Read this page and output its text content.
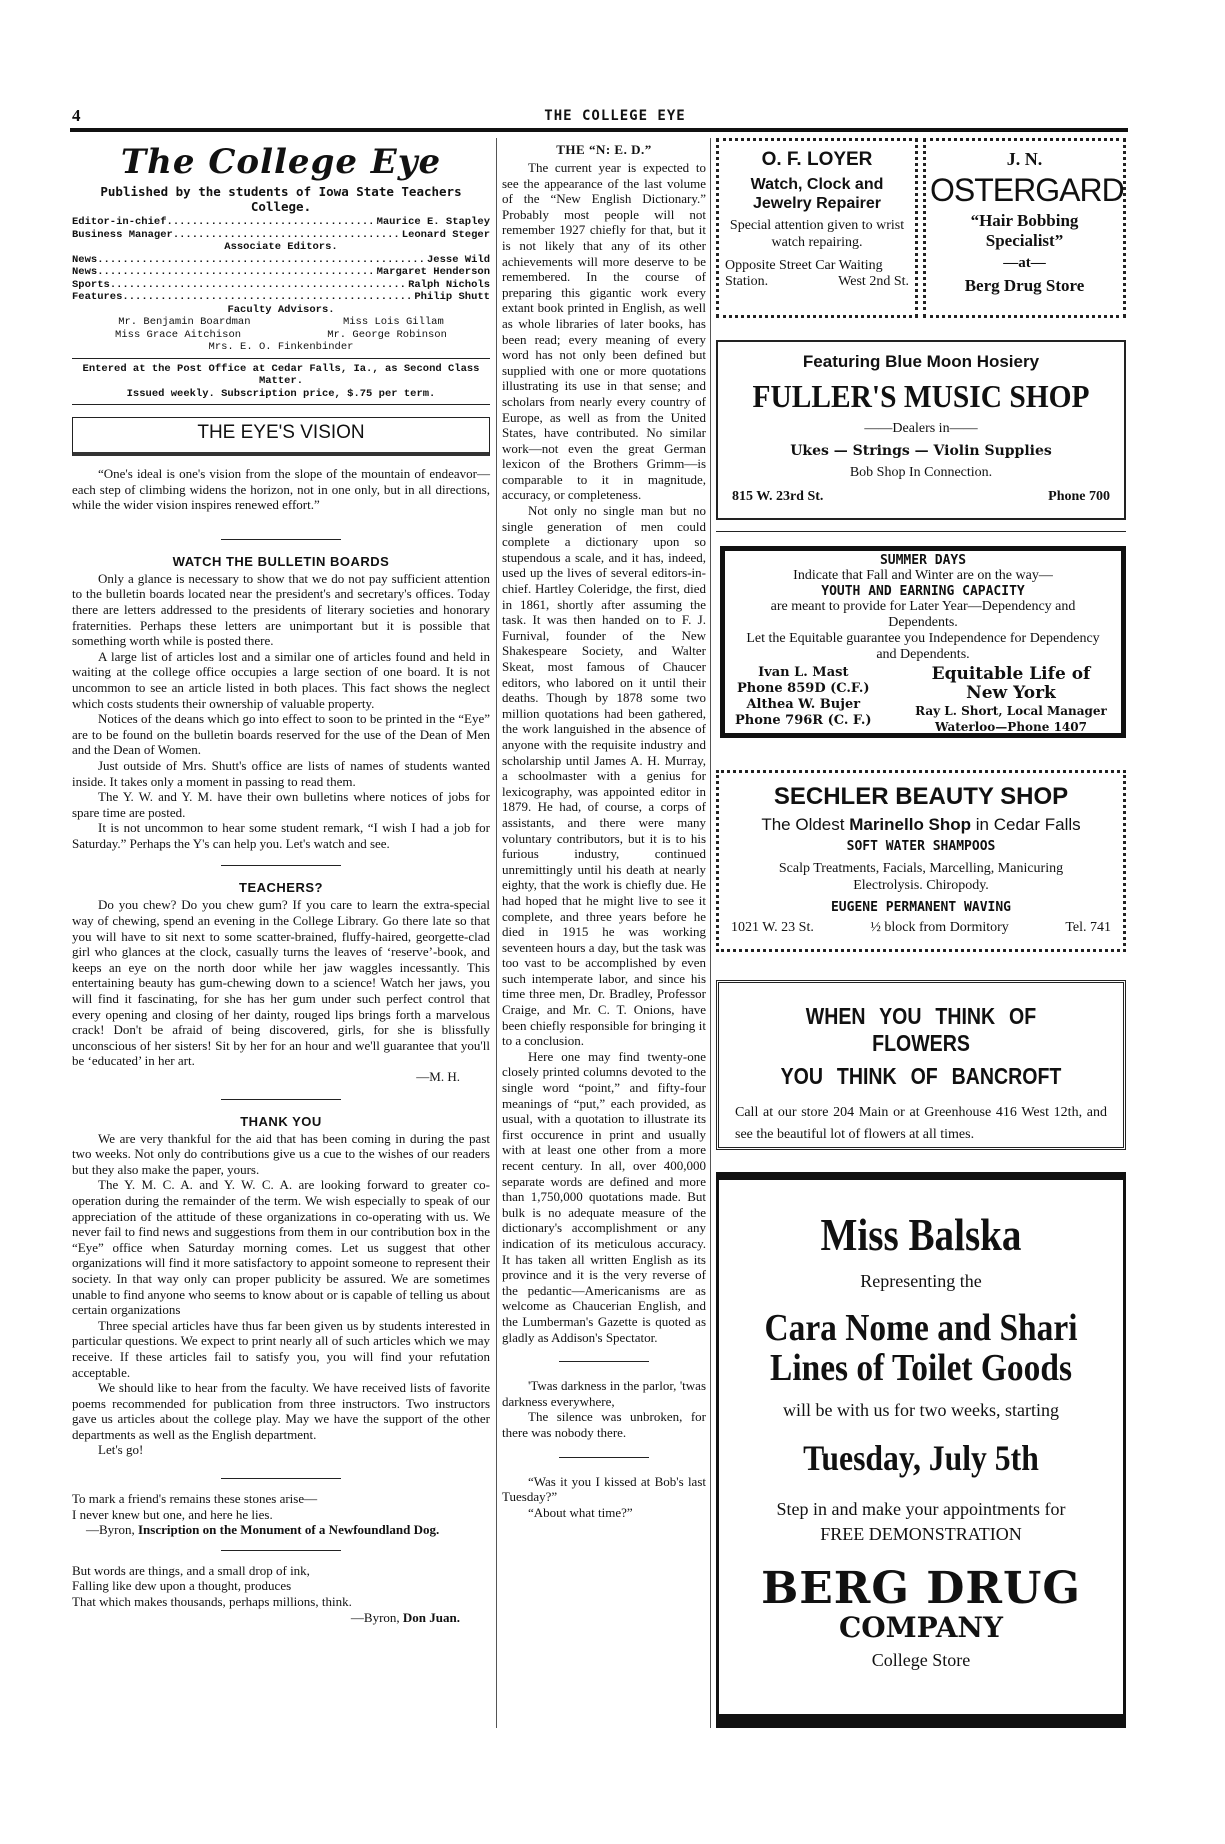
4	THE COLLEGE EYE
The College Eye
Published by the students of Iowa State Teachers College.
Editor-in-chief .....	Maurice E. Stapley
Business Manager .....	Leonard Steger
Associate Editors.
News .....	Jesse Wild
News .....	Margaret Henderson
Sports .....	Ralph Nichols
Features .....	Philip Shutt
Faculty Advisors.
Mr. Benjamin Boardman	Miss Lois Gillam
Miss Grace Aitchison	Mr. George Robinson
Mrs. E. O. Finkenbinder
Entered at the Post Office at Cedar Falls, Ia., as Second Class Matter.
Issued weekly. Subscription price, $.75 per term.
THE EYE'S VISION

“One's ideal is one's vision from the slope of the mountain of endeavor—each step of climbing widens the horizon, not in one only, but in all directions, while the wider vision inspires renewed effort.”

WATCH THE BULLETIN BOARDS

Only a glance is necessary to show that we do not pay sufficient attention to the bulletin boards located near the president's and secretary's offices. Today there are letters addressed to the presidents of literary societies and honorary fraternities. Perhaps these letters are unimportant but it is possible that something worth while is posted there.

A large list of articles lost and a similar one of articles found and held in waiting at the college office occupies a large section of one board. It is not uncommon to see an article listed in both places. This fact shows the neglect which costs students their ownership of valuable property.

Notices of the deans which go into effect to soon to be printed in the “Eye” are to be found on the bulletin boards reserved for the use of the Dean of Men and the Dean of Women.

Just outside of Mrs. Shutt's office are lists of names of students wanted inside. It takes only a moment in passing to read them.

The Y. W. and Y. M. have their own bulletins where notices of jobs for spare time are posted.

It is not uncommon to hear some student remark, “I wish I had a job for Saturday.” Perhaps the Y's can help you. Let's watch and see.

TEACHERS?

Do you chew? Do you chew gum? If you care to learn the extra-special way of chewing, spend an evening in the College Library. Go there late so that you will have to sit next to some scatter-brained, fluffy-haired, georgette-clad girl who glances at the clock, casually turns the leaves of ‘reserve’-book, and keeps an eye on the north door while her jaw waggles incessantly. This entertaining beauty has gum-chewing down to a science! Watch her jaws, you will find it fascinating, for she has her gum under such perfect control that every opening and closing of her dainty, rouged lips brings forth a marvelous crack! Don't be afraid of being discovered, girls, for she is blissfully unconscious of her sisters! Sit by her for an hour and we'll guarantee that you'll be ‘educated’ in her art.

—M. H.
THANK YOU

We are very thankful for the aid that has been coming in during the past two weeks. Not only do contributions give us a cue to the wishes of our readers but they also make the paper, yours.

The Y. M. C. A. and Y. W. C. A. are looking forward to greater co-operation during the remainder of the term. We wish especially to speak of our appreciation of the attitude of these organizations in co-operating with us. We never fail to find news and suggestions from them in our contribution box in the “Eye” office when Saturday morning comes. Let us suggest that other organizations will find it more satisfactory to appoint someone to represent their society. In that way only can proper publicity be assured. We are sometimes unable to find anyone who seems to know about or is capable of telling us about certain organizations

Three special articles have thus far been given us by students interested in particular questions. We expect to print nearly all of such articles which we may receive. If these articles fail to satisfy you, you will find your refutation acceptable.

We should like to hear from the faculty. We have received lists of favorite poems recommended for publication from three instructors. Two instructors gave us articles about the college play. May we have the support of the other departments as well as the English department.

Let's go!

To mark a friend's remains these stones arise—

I never knew but one, and here he lies.

—Byron, Inscription on the Monument of a Newfoundland Dog.

But words are things, and a small drop of ink,

Falling like dew upon a thought, produces

That which makes thousands, perhaps millions, think.

—Byron, Don Juan.

THE “N: E. D.”

The current year is expected to see the appearance of the last volume of the “New English Dictionary.” Probably most people will not remember 1927 chiefly for that, but it is not likely that any of its other achievements will more deserve to be remembered. In the course of preparing this gigantic work every extant book printed in English, as well as whole libraries of later books, has been read; every meaning of every word has not only been defined but supplied with one or more quotations illustrating its use in that sense; and scholars from nearly every country of Europe, as well as from the United States, have contributed. No similar work—not even the great German lexicon of the Brothers Grimm—is comparable to it in magnitude, accuracy, or completeness.

Not only no single man but no single generation of men could complete a dictionary upon so stupendous a scale, and it has, indeed, used up the lives of several editors-in-chief. Hartley Coleridge, the first, died in 1861, shortly after assuming the task. It was then handed on to F. J. Furnival, founder of the New Shakespeare Society, and Walter Skeat, most famous of Chaucer editors, who labored on it until their deaths. Though by 1878 some two million quotations had been gathered, the work languished in the absence of anyone with the requisite industry and scholarship until James A. H. Murray, a schoolmaster with a genius for lexicography, was appointed editor in 1879. He had, of course, a corps of assistants, and there were many voluntary contributors, but it is to his furious industry, continued unremittingly until his death at nearly eighty, that the work is chiefly due. He had hoped that he might live to see it complete, and three years before he died in 1915 he was working seventeen hours a day, but the task was too vast to be accomplished by even such intemperate labor, and since his time three men, Dr. Bradley, Professor Craige, and Mr. C. T. Onions, have been chiefly responsible for bringing it to a conclusion.

Here one may find twenty-one closely printed columns devoted to the single word “point,” and fifty-four meanings of “put,” each provided, as usual, with a quotation to illustrate its first occurence in print and usually with at least one other from a more recent century. In all, over 400,000 separate words are defined and more than 1,750,000 quotations made. But bulk is no adequate measure of the dictionary's accomplishment or any indication of its meticulous accuracy. It has taken all written English as its province and it is the very reverse of the pedantic—Americanisms are as welcome as Chaucerian English, and the Lumberman's Gazette is quoted as gladly as Addison's Spectator.

'Twas darkness in the parlor, 'twas darkness everywhere,

The silence was unbroken, for there was nobody there.

“Was it you I kissed at Bob's last Tuesday?”

“About what time?”

O. F. LOYER
Watch, Clock and Jewelry Repairer
Special attention given to wrist watch repairing.
Opposite Street Car Waiting
Station.	West 2nd St.
J. N.
OSTERGARD
“Hair Bobbing Specialist”
—at—
Berg Drug Store
Featuring Blue Moon Hosiery
FULLER'S MUSIC SHOP
——Dealers in——
Ukes — Strings — Violin Supplies
Bob Shop In Connection.
815 W. 23rd St.	Phone 700
SUMMER DAYS
Indicate that Fall and Winter are on the way—
YOUTH AND EARNING CAPACITY
are meant to provide for Later Year—Dependency and Dependents.
Let the Equitable guarantee you Independence for Dependency and Dependents.
Ivan L. Mast
Phone 859D (C.F.)
Althea W. Bujer
Phone 796R (C. F.)
Equitable Life of New York
Ray L. Short, Local Manager
Waterloo—Phone 1407
SECHLER BEAUTY SHOP
The Oldest Marinello Shop in Cedar Falls
SOFT WATER SHAMPOOS
Scalp Treatments, Facials, Marcelling, Manicuring Electrolysis. Chiropody.
EUGENE PERMANENT WAVING
1021 W. 23 St.	½ block from Dormitory	Tel. 741
WHEN YOU THINK OF FLOWERS
YOU THINK OF BANCROFT
Call at our store 204 Main or at Greenhouse 416 West 12th, and see the beautiful lot of flowers at all times.
Miss Balska
Representing the
Cara Nome and Shari Lines of Toilet Goods
will be with us for two weeks, starting
Tuesday, July 5th
Step in and make your appointments for
FREE DEMONSTRATION
BERG DRUG
COMPANY
College Store
